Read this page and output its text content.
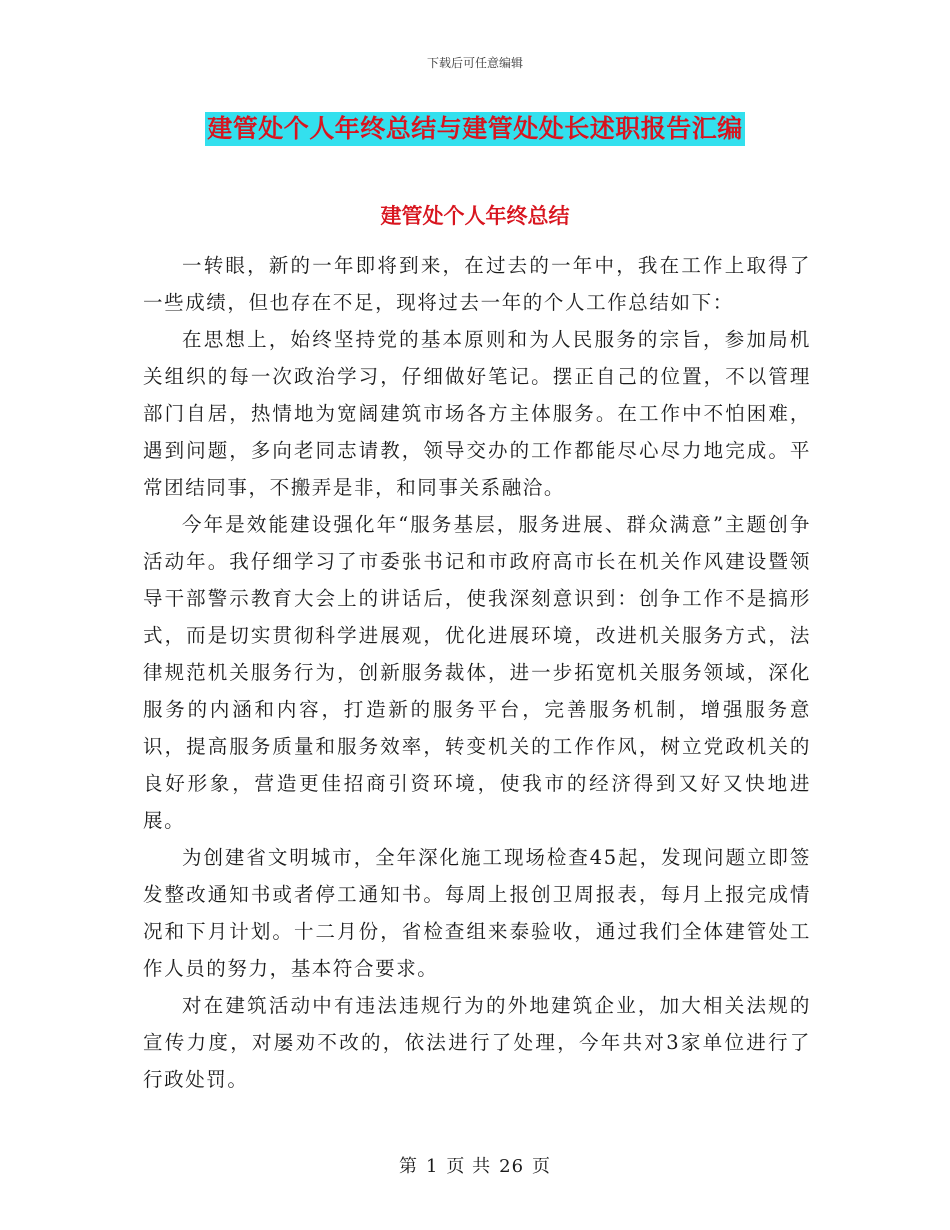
下载后可任意编辑
建管处个人年终总结与建管处处长述职报告汇编
建管处个人年终总结

一转眼，新的一年即将到来，在过去的一年中，我在工作上取得了一些成绩，但也存在不足，现将过去一年的个人工作总结如下：

在思想上，始终坚持党的基本原则和为人民服务的宗旨，参加局机关组织的每一次政治学习，仔细做好笔记。摆正自己的位置，不以管理部门自居，热情地为宽阔建筑市场各方主体服务。在工作中不怕困难，遇到问题，多向老同志请教，领导交办的工作都能尽心尽力地完成。平常团结同事，不搬弄是非，和同事关系融洽。

今年是效能建设强化年“服务基层，服务进展、群众满意”主题创争活动年。我仔细学习了市委张书记和市政府高市长在机关作风建设暨领导干部警示教育大会上的讲话后，使我深刻意识到：创争工作不是搞形式，而是切实贯彻科学进展观，优化进展环境，改进机关服务方式，法律规范机关服务行为，创新服务裁体，进一步拓宽机关服务领域，深化服务的内涵和内容，打造新的服务平台，完善服务机制，增强服务意识，提高服务质量和服务效率，转变机关的工作作风，树立党政机关的良好形象，营造更佳招商引资环境，使我市的经济得到又好又快地进展。

为创建省文明城市，全年深化施工现场检查45起，发现问题立即签发整改通知书或者停工通知书。每周上报创卫周报表，每月上报完成情况和下月计划。十二月份，省检查组来泰验收，通过我们全体建管处工作人员的努力，基本符合要求。

对在建筑活动中有违法违规行为的外地建筑企业，加大相关法规的宣传力度，对屡劝不改的，依法进行了处理，今年共对3家单位进行了行政处罚。

第 1 页 共 26 页
